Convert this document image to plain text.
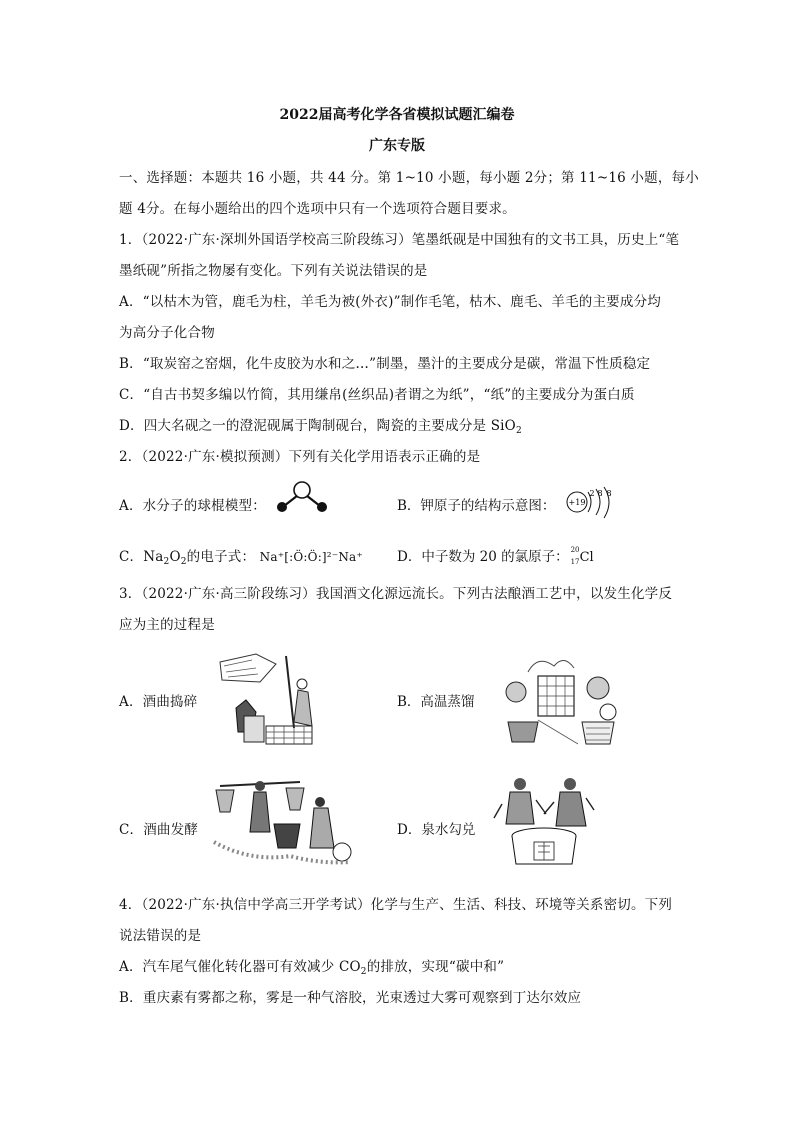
2022届高考化学各省模拟试题汇编卷
广东专版
一、选择题：本题共 16 小题，共 44 分。第 1~10 小题，每小题 2分；第 11~16 小题，每小
题 4分。在每小题给出的四个选项中只有一个选项符合题目要求。
1．（2022·广东·深圳外国语学校高三阶段练习）笔墨纸砚是中国独有的文书工具，历史上“笔
墨纸砚”所指之物屡有变化。下列有关说法错误的是
A．“以枯木为管，鹿毛为柱，羊毛为被(外衣)”制作毛笔，枯木、鹿毛、羊毛的主要成分均
为高分子化合物
B．“取炭窑之窑烟，化牛皮胶为水和之…”制墨，墨汁的主要成分是碳，常温下性质稳定
C．“自古书契多编以竹简，其用缣帛(丝织品)者谓之为纸”，“纸”的主要成分为蛋白质
D．四大名砚之一的澄泥砚属于陶制砚台，陶瓷的主要成分是 SiO$_2$
2．（2022·广东·模拟预测）下列有关化学用语表示正确的是
A．水分子的球棍模型：	B．钾原子的结构示意图： +19
2 8 8
C．$Na_2O_2$的电子式： Na⁺[:Ö:Ö:]²⁻Na⁺	D．中子数为 20 的氯原子： 20
17 Cl
3．（2022·广东·高三阶段练习）我国酒文化源远流长。下列古法酿酒工艺中，以发生化学反
应为主的过程是
A．酒曲捣碎	B．高温蒸馏
C．酒曲发酵	D．泉水勾兑
4．（2022·广东·执信中学高三开学考试）化学与生产、生活、科技、环境等关系密切。下列
说法错误的是
A．汽车尾气催化转化器可有效减少 $CO_2$的排放，实现“碳中和”
B．重庆素有雾都之称，雾是一种气溶胶，光束透过大雾可观察到丁达尔效应
